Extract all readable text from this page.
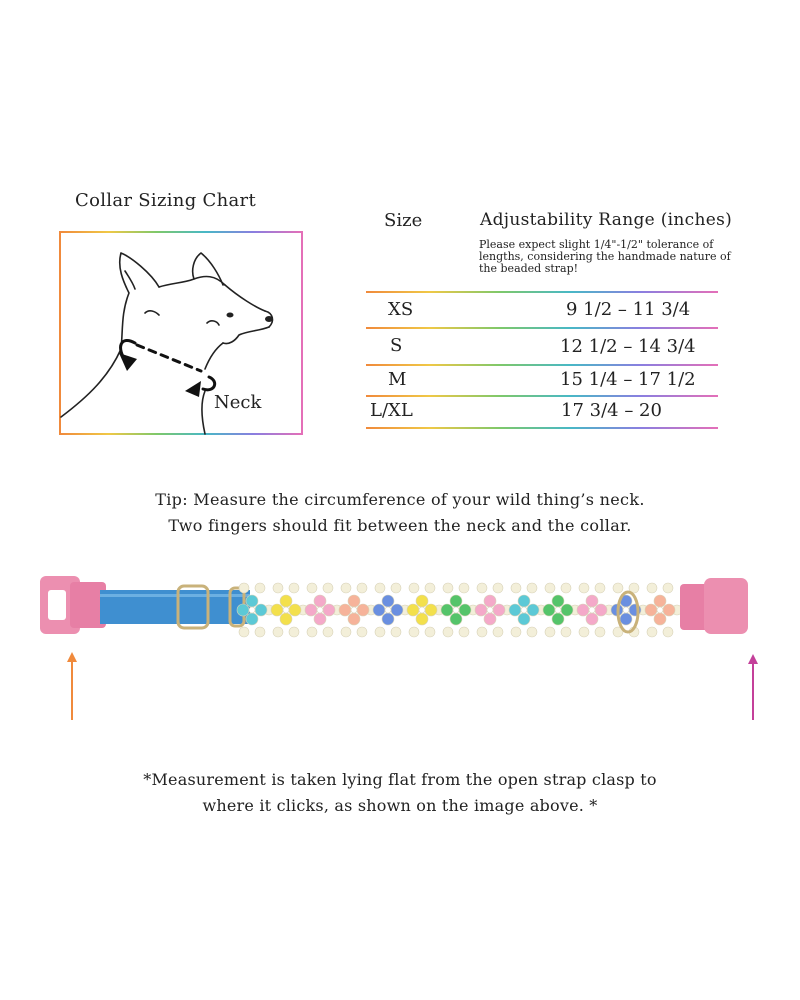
Collar Sizing Chart
Neck
Size	Adjustability Range (inches)
Please expect slight 1/4"-1/2" tolerance of lengths, considering the handmade nature of the beaded strap!
XS	9 1/2 – 11 3/4
S	12 1/2 – 14 3/4
M	15 1/4 – 17 1/2
L/XL	17 3/4 – 20
Tip: Measure the circumference of your wild thing’s neck.
Two fingers should fit between the neck and the collar.
*Measurement is taken lying flat from the open strap clasp to
where it clicks, as shown on the image above. *
